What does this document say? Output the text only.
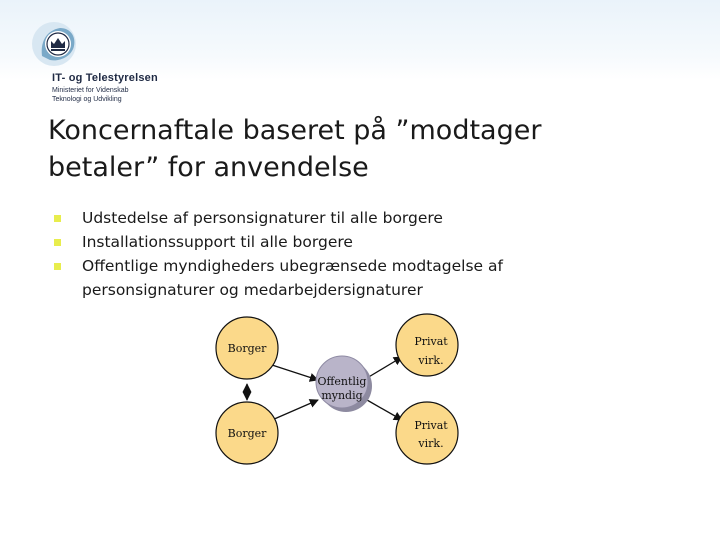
IT- og Telestyrelsen
Ministeriet for Videnskab
Teknologi og Udvikling
Koncernaftale baseret på ”modtager
betaler” for anvendelse
Udstedelse af personsignaturer til alle borgere
Installationssupport til alle borgere
Offentlige myndigheders ubegrænsede modtagelse af personsignaturer og medarbejdersignaturer
Offentlig
myndig
Borger
Privat
virk.
Borger
Privat
virk.
